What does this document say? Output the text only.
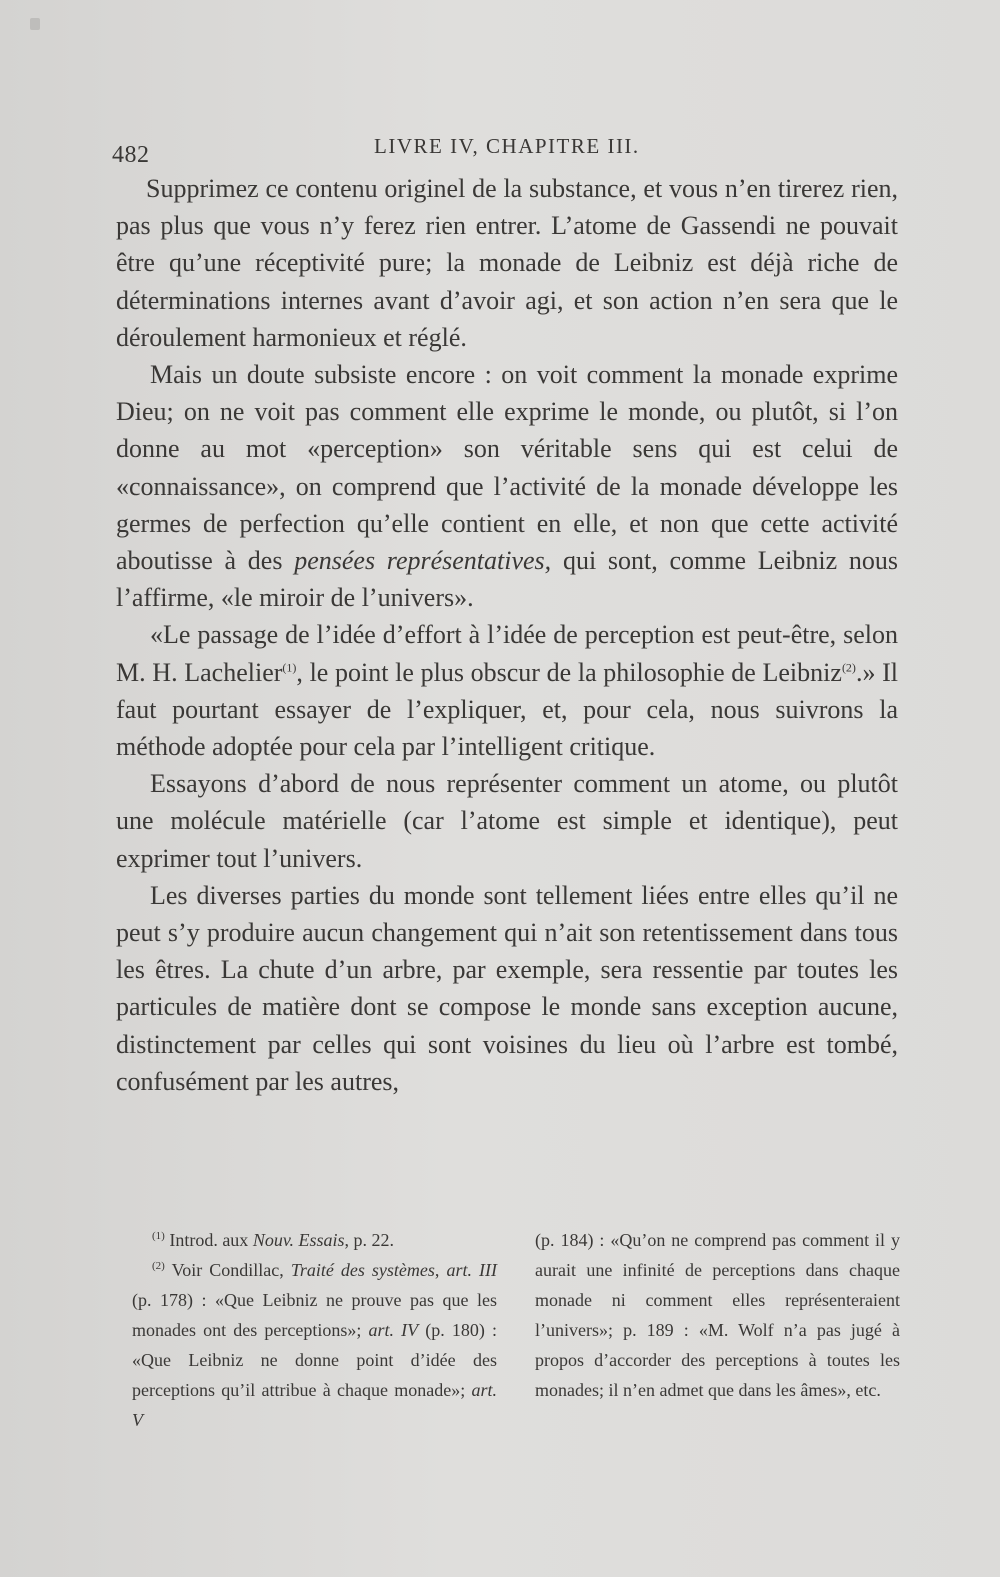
482	LIVRE IV, CHAPITRE III.

Supprimez ce contenu originel de la substance, et vous n’en tirerez rien, pas plus que vous n’y ferez rien entrer. L’atome de Gassendi ne pouvait être qu’une réceptivité pure; la monade de Leibniz est déjà riche de déterminations internes avant d’avoir agi, et son action n’en sera que le déroulement harmonieux et réglé.

Mais un doute subsiste encore : on voit comment la monade exprime Dieu; on ne voit pas comment elle exprime le monde, ou plutôt, si l’on donne au mot «perception» son véritable sens qui est celui de «connaissance», on comprend que l’activité de la monade développe les germes de perfection qu’elle contient en elle, et non que cette activité aboutisse à des pensées représentatives, qui sont, comme Leibniz nous l’affirme, «le miroir de l’univers».

«Le passage de l’idée d’effort à l’idée de perception est peut-être, selon M. H. Lachelier$^{(1)}$, le point le plus obscur de la philosophie de Leibniz$^{(2)}$.» Il faut pourtant essayer de l’expliquer, et, pour cela, nous suivrons la méthode adoptée pour cela par l’intelligent critique.

Essayons d’abord de nous représenter comment un atome, ou plutôt une molécule matérielle (car l’atome est simple et identique), peut exprimer tout l’univers.

Les diverses parties du monde sont tellement liées entre elles qu’il ne peut s’y produire aucun changement qui n’ait son retentissement dans tous les êtres. La chute d’un arbre, par exemple, sera ressentie par toutes les particules de matière dont se compose le monde sans exception aucune, distinctement par celles qui sont voisines du lieu où l’arbre est tombé, confusément par les autres,

$^{(1)}$ Introd. aux Nouv. Essais, p. 22.

$^{(2)}$ Voir Condillac, Traité des systèmes, art. III (p. 178) : «Que Leibniz ne prouve pas que les monades ont des perceptions»; art. IV (p. 180) : «Que Leibniz ne donne point d’idée des perceptions qu’il attribue à chaque monade»; art. V

(p. 184) : «Qu’on ne comprend pas comment il y aurait une infinité de perceptions dans chaque monade ni comment elles représenteraient l’univers»; p. 189 : «M. Wolf n’a pas jugé à propos d’accorder des perceptions à toutes les monades; il n’en admet que dans les âmes», etc.
